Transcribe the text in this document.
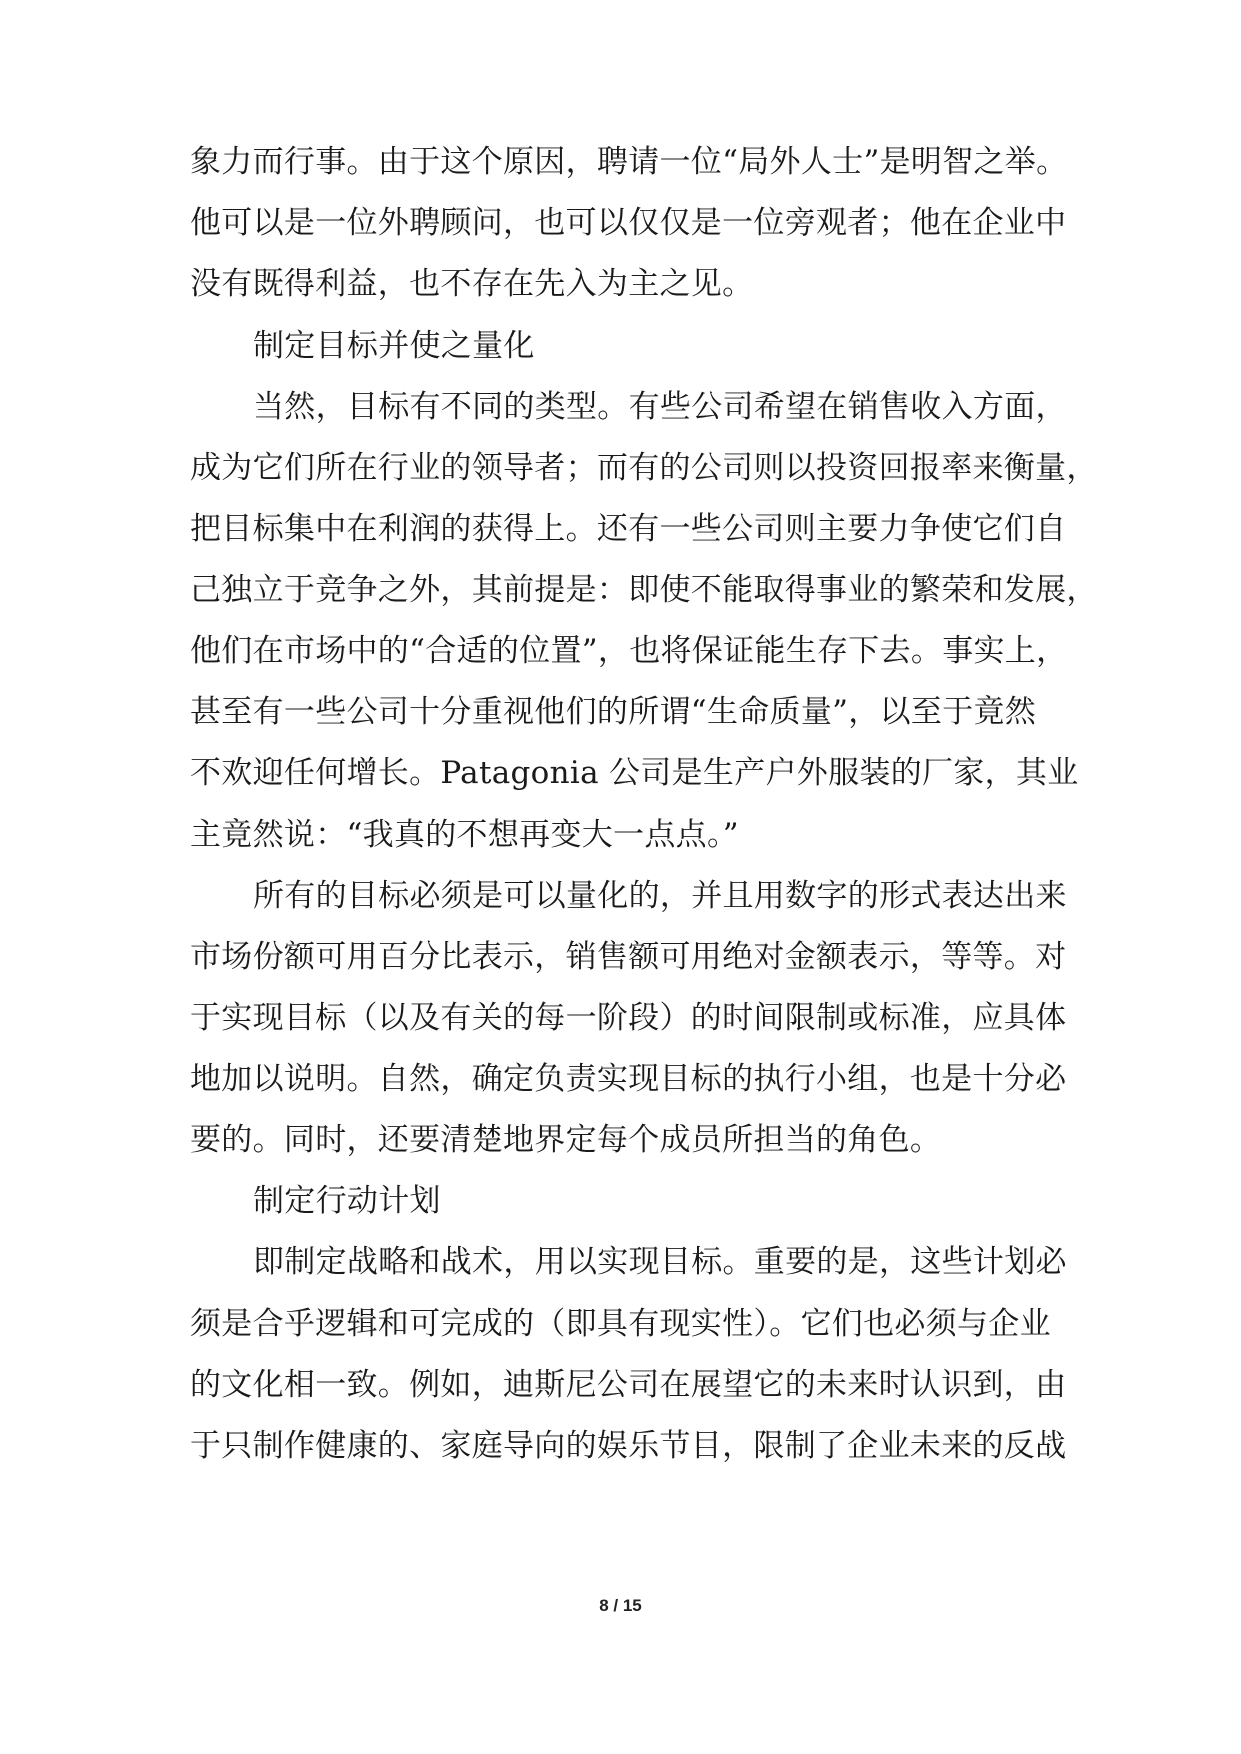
象力而行事。由于这个原因，聘请一位“局外人士”是明智之举。
他可以是一位外聘顾问，也可以仅仅是一位旁观者；他在企业中
没有既得利益，也不存在先入为主之见。
制定目标并使之量化
当然，目标有不同的类型。有些公司希望在销售收入方面，
成为它们所在行业的领导者；而有的公司则以投资回报率来衡量，
把目标集中在利润的获得上。还有一些公司则主要力争使它们自
己独立于竞争之外，其前提是：即使不能取得事业的繁荣和发展，
他们在市场中的“合适的位置”，也将保证能生存下去。事实上，
甚至有一些公司十分重视他们的所谓“生命质量”，以至于竟然
不欢迎任何增长。Patagonia 公司是生产户外服装的厂家，其业
主竟然说：“我真的不想再变大一点点。”
所有的目标必须是可以量化的，并且用数字的形式表达出来
市场份额可用百分比表示，销售额可用绝对金额表示，等等。对
于实现目标（以及有关的每一阶段）的时间限制或标准，应具体
地加以说明。自然，确定负责实现目标的执行小组，也是十分必
要的。同时，还要清楚地界定每个成员所担当的角色。
制定行动计划
即制定战略和战术，用以实现目标。重要的是，这些计划必
须是合乎逻辑和可完成的（即具有现实性）。它们也必须与企业
的文化相一致。例如，迪斯尼公司在展望它的未来时认识到，由
于只制作健康的、家庭导向的娱乐节目，限制了企业未来的反战
8 / 15
